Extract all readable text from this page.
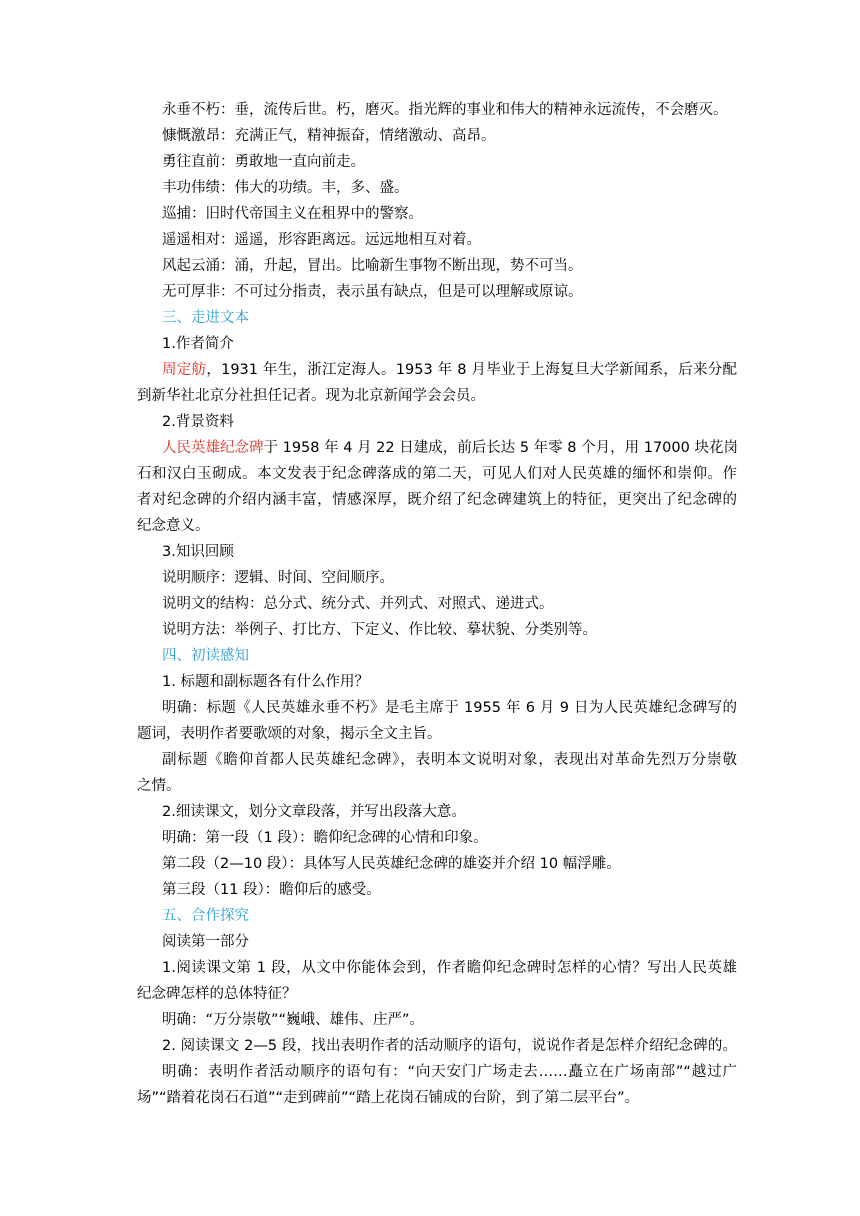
永垂不朽：垂，流传后世。朽，磨灭。指光辉的事业和伟大的精神永远流传，不会磨灭。
慷慨激昂：充满正气，精神振奋，情绪激动、高昂。
勇往直前：勇敢地一直向前走。
丰功伟绩：伟大的功绩。丰，多、盛。
巡捕：旧时代帝国主义在租界中的警察。
遥遥相对：遥遥，形容距离远。远远地相互对着。
风起云涌：涌，升起，冒出。比喻新生事物不断出现，势不可当。
无可厚非：不可过分指责，表示虽有缺点，但是可以理解或原谅。
三、走进文本
1.作者简介
周定舫，1931 年生，浙江定海人。1953 年 8 月毕业于上海复旦大学新闻系，后来分配
到新华社北京分社担任记者。现为北京新闻学会会员。
2.背景资料
人民英雄纪念碑于 1958 年 4 月 22 日建成，前后长达 5 年零 8 个月，用 17000 块花岗
石和汉白玉砌成。本文发表于纪念碑落成的第二天，可见人们对人民英雄的缅怀和崇仰。作
者对纪念碑的介绍内涵丰富，情感深厚，既介绍了纪念碑建筑上的特征，更突出了纪念碑的
纪念意义。
3.知识回顾
说明顺序：逻辑、时间、空间顺序。
说明文的结构：总分式、统分式、并列式、对照式、递进式。
说明方法：举例子、打比方、下定义、作比较、摹状貌、分类别等。
四、初读感知
1. 标题和副标题各有什么作用？
明确：标题《人民英雄永垂不朽》是毛主席于 1955 年 6 月 9 日为人民英雄纪念碑写的
题词，表明作者要歌颂的对象，揭示全文主旨。
副标题《瞻仰首都人民英雄纪念碑》，表明本文说明对象，表现出对革命先烈万分崇敬
之情。
2.细读课文，划分文章段落，并写出段落大意。
明确：第一段（1 段）：瞻仰纪念碑的心情和印象。
第二段（2—10 段）：具体写人民英雄纪念碑的雄姿并介绍 10 幅浮雕。
第三段（11 段）：瞻仰后的感受。
五、合作探究
阅读第一部分
1.阅读课文第 1 段，从文中你能体会到，作者瞻仰纪念碑时怎样的心情？写出人民英雄
纪念碑怎样的总体特征？
明确：“万分崇敬”“巍峨、雄伟、庄严”。
2. 阅读课文 2—5 段，找出表明作者的活动顺序的语句，说说作者是怎样介绍纪念碑的。
明确：表明作者活动顺序的语句有：“向天安门广场走去……矗立在广场南部”“越过广
场”“踏着花岗石石道”“走到碑前”“踏上花岗石铺成的台阶，到了第二层平台”。
